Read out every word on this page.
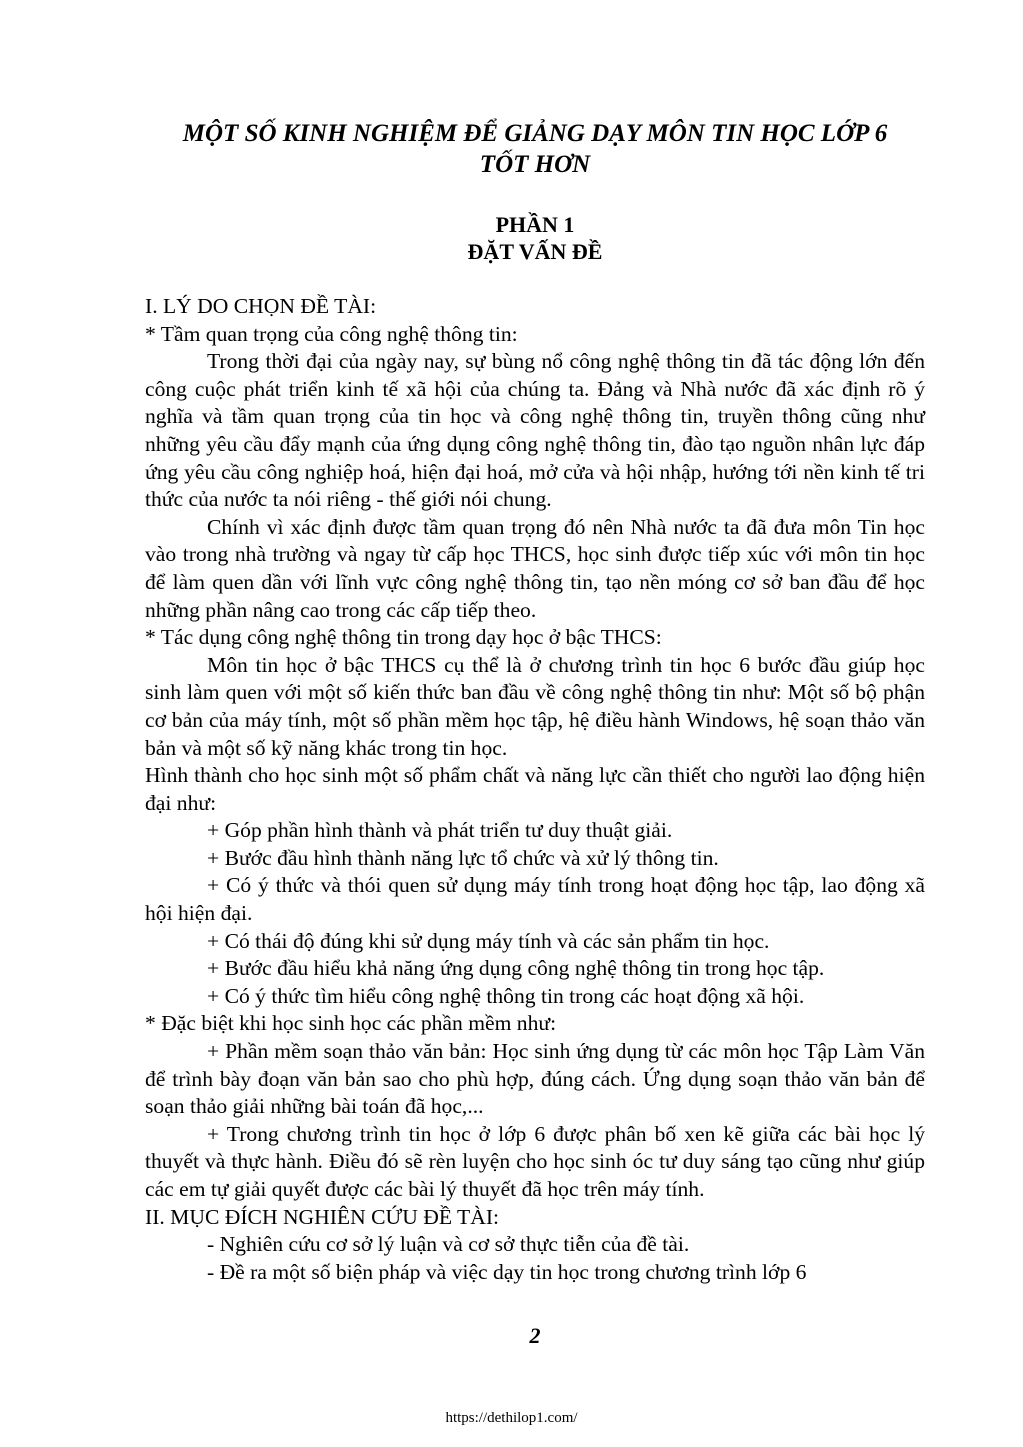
MỘT SỐ KINH NGHIỆM ĐỂ GIẢNG DẠY MÔN TIN HỌC LỚP 6
TỐT HƠN
PHẦN 1
ĐẶT VẤN ĐỀ

I. LÝ DO CHỌN ĐỀ TÀI:

* Tầm quan trọng của công nghệ thông tin:

Trong thời đại của ngày nay, sự bùng nổ công nghệ thông tin đã tác động lớn đến công cuộc phát triển kinh tế xã hội của chúng ta. Đảng và Nhà nước đã xác định rõ ý nghĩa và tầm quan trọng của tin học và công nghệ thông tin, truyền thông cũng như những yêu cầu đẩy mạnh của ứng dụng công nghệ thông tin, đào tạo nguồn nhân lực đáp ứng yêu cầu công nghiệp hoá, hiện đại hoá, mở cửa và hội nhập, hướng tới nền kinh tế tri thức của nước ta nói riêng - thế giới nói chung.

Chính vì xác định được tầm quan trọng đó nên Nhà nước ta đã đưa môn Tin học vào trong nhà trường và ngay từ cấp học THCS, học sinh được tiếp xúc với môn tin học để làm quen dần với lĩnh vực công nghệ thông tin, tạo nền móng cơ sở ban đầu để học những phần nâng cao trong các cấp tiếp theo.

* Tác dụng công nghệ thông tin trong dạy học ở bậc THCS:

Môn tin học ở bậc THCS cụ thể là ở chương trình tin học 6 bước đầu giúp học sinh làm quen với một số kiến thức ban đầu về công nghệ thông tin như: Một số bộ phận cơ bản của máy tính, một số phần mềm học tập, hệ điều hành Windows, hệ soạn thảo văn bản và một số kỹ năng khác trong tin học.

Hình thành cho học sinh một số phẩm chất và năng lực cần thiết cho người lao động hiện đại như:

+ Góp phần hình thành và phát triển tư duy thuật giải.

+ Bước đầu hình thành năng lực tổ chức và xử lý thông tin.

+ Có ý thức và thói quen sử dụng máy tính trong hoạt động học tập, lao động xã hội hiện đại.

+ Có thái độ đúng khi sử dụng máy tính và các sản phẩm tin học.

+ Bước đầu hiểu khả năng ứng dụng công nghệ thông tin trong học tập.

+ Có ý thức tìm hiểu công nghệ thông tin trong các hoạt động xã hội.

* Đặc biệt khi học sinh học các phần mềm như:

+ Phần mềm soạn thảo văn bản: Học sinh ứng dụng từ các môn học Tập Làm Văn để trình bày đoạn văn bản sao cho phù hợp, đúng cách. Ứng dụng soạn thảo văn bản để soạn thảo giải những bài toán đã học,...

+ Trong chương trình tin học ở lớp 6 được phân bố xen kẽ giữa các bài học lý thuyết và thực hành. Điều đó sẽ rèn luyện cho học sinh óc tư duy sáng tạo cũng như giúp các em tự giải quyết được các bài lý thuyết đã học trên máy tính.

II. MỤC ĐÍCH NGHIÊN CỨU ĐỀ TÀI:

- Nghiên cứu cơ sở lý luận và cơ sở thực tiễn của đề tài.

- Đề ra một số biện pháp và việc dạy tin học trong chương trình lớp 6

2
https://dethilop1.com/
